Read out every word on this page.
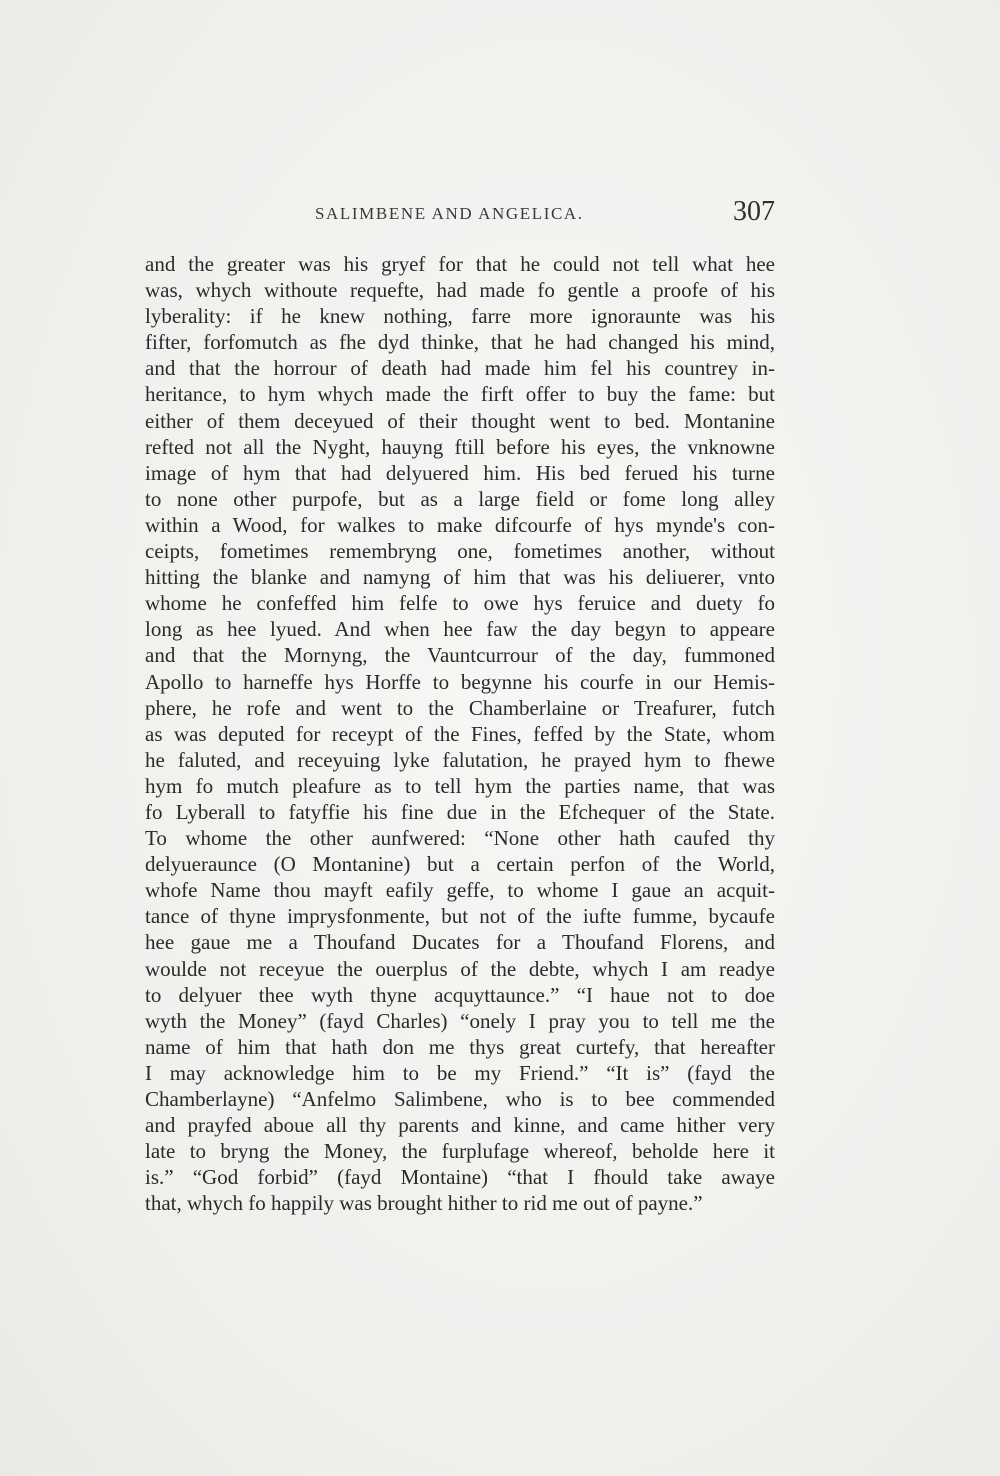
SALIMBENE AND ANGELICA.	307
and the greater was his gryef for that he could not tell what hee
was, whych withoute requefte, had made fo gentle a proofe of his
lyberality: if he knew nothing, farre more ignoraunte was his
fifter, forfomutch as fhe dyd thinke, that he had changed his mind,
and that the horrour of death had made him fel his countrey in-
heritance, to hym whych made the firft offer to buy the fame: but
either of them deceyued of their thought went to bed. Montanine
refted not all the Nyght, hauyng ftill before his eyes, the vnknowne
image of hym that had delyuered him. His bed ferued his turne
to none other purpofe, but as a large field or fome long alley
within a Wood, for walkes to make difcourfe of hys mynde's con-
ceipts, fometimes remembryng one, fometimes another, without
hitting the blanke and namyng of him that was his deliuerer, vnto
whome he confeffed him felfe to owe hys feruice and duety fo
long as hee lyued. And when hee faw the day begyn to appeare
and that the Mornyng, the Vauntcurrour of the day, fummoned
Apollo to harneffe hys Horffe to begynne his courfe in our Hemis-
phere, he rofe and went to the Chamberlaine or Treafurer, futch
as was deputed for receypt of the Fines, feffed by the State, whom
he faluted, and receyuing lyke falutation, he prayed hym to fhewe
hym fo mutch pleafure as to tell hym the parties name, that was
fo Lyberall to fatyffie his fine due in the Efchequer of the State.
To whome the other aunfwered: “None other hath caufed thy
delyueraunce (O Montanine) but a certain perfon of the World,
whofe Name thou mayft eafily geffe, to whome I gaue an acquit-
tance of thyne imprysfonmente, but not of the iufte fumme, bycaufe
hee gaue me a Thoufand Ducates for a Thoufand Florens, and
woulde not receyue the ouerplus of the debte, whych I am readye
to delyuer thee wyth thyne acquyttaunce.” “I haue not to doe
wyth the Money” (fayd Charles) “onely I pray you to tell me the
name of him that hath don me thys great curtefy, that hereafter
I may acknowledge him to be my Friend.” “It is” (fayd the
Chamberlayne) “Anfelmo Salimbene, who is to bee commended
and prayfed aboue all thy parents and kinne, and came hither very
late to bryng the Money, the furplufage whereof, beholde here it
is.” “God forbid” (fayd Montaine) “that I fhould take awaye
that, whych fo happily was brought hither to rid me out of payne.”
